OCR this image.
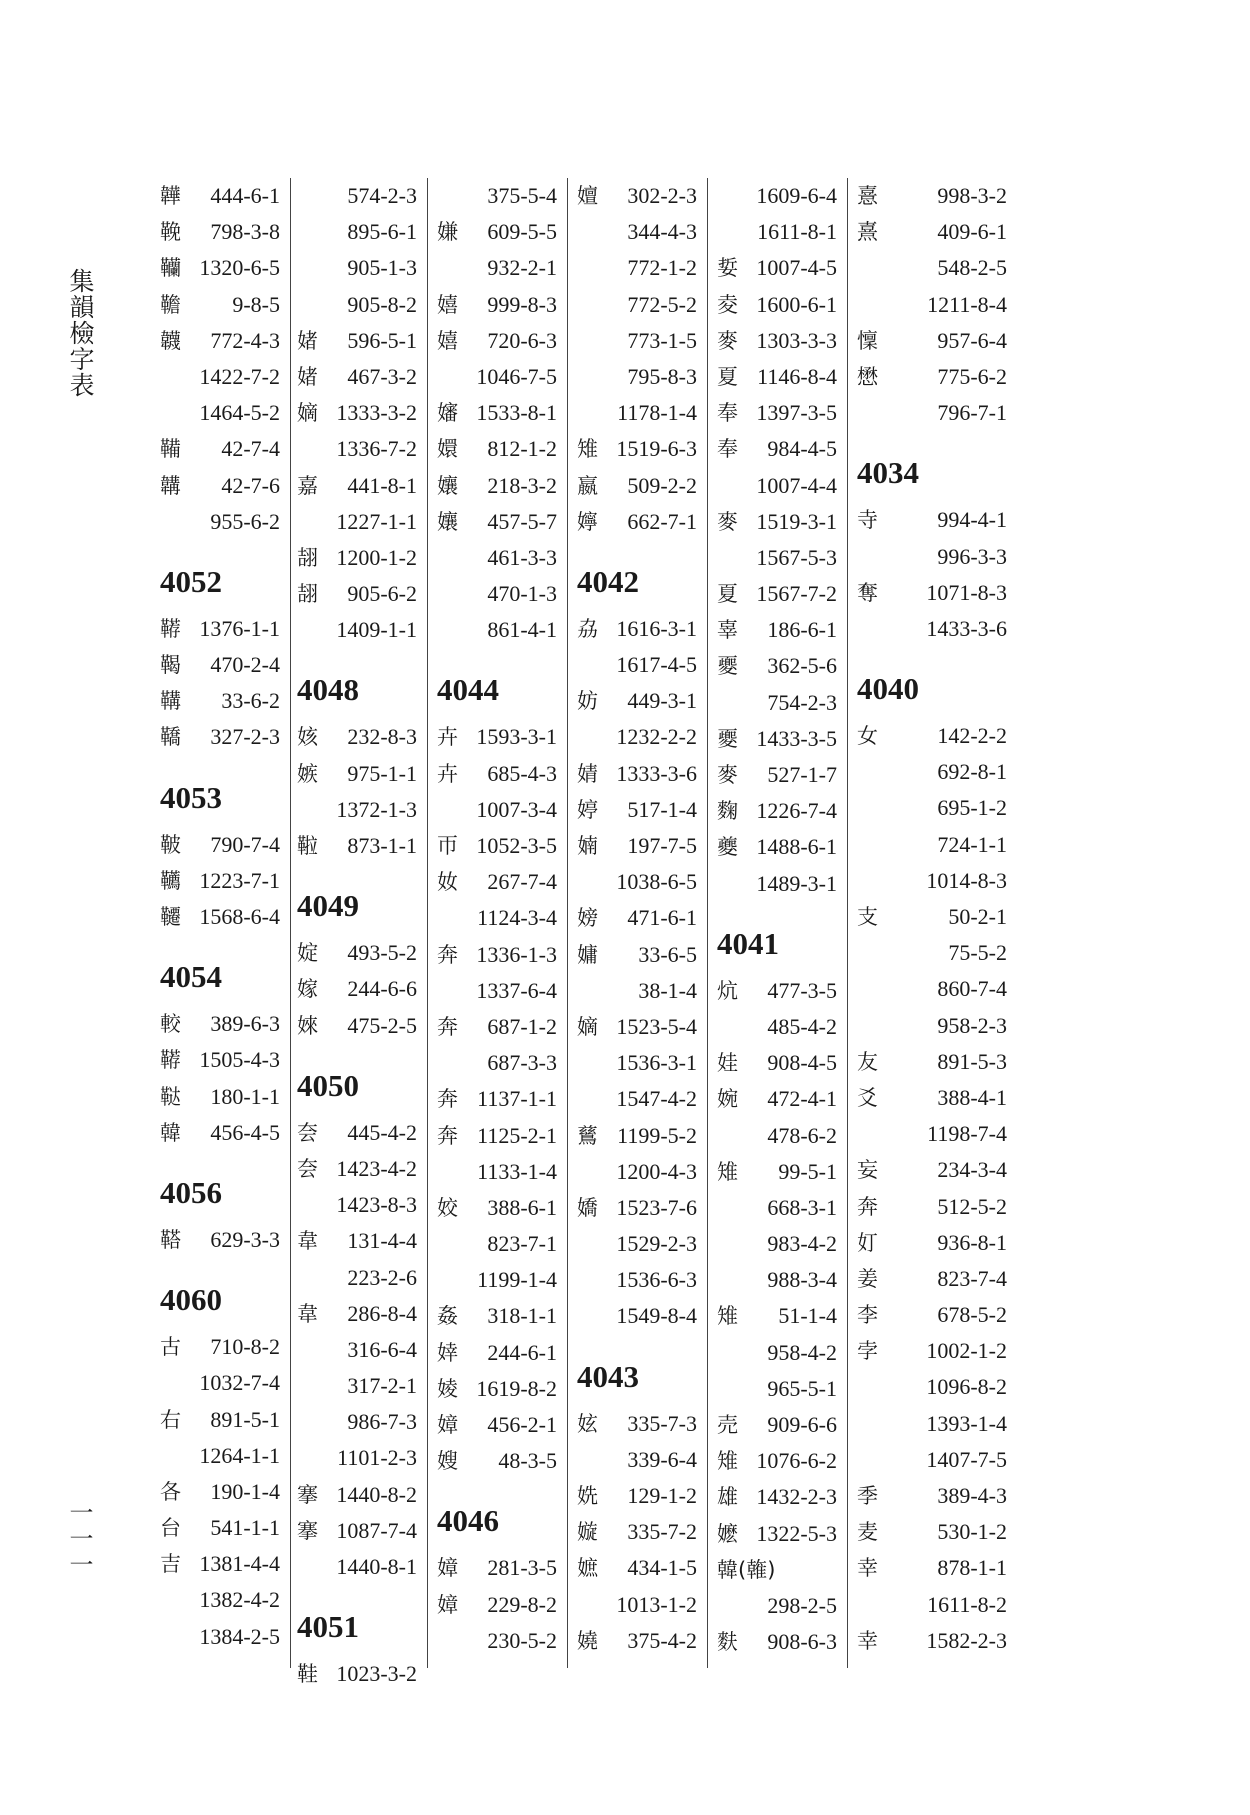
集韻檢字表
一一一
韡 444-6-1
鞔 798-3-8
韊 1320-6-5
韂 9-8-5
韤 772-4-3
1422-7-2
1464-5-2
鞴 42-7-4
韝 42-7-6
955-6-2
4052
鞯 1376-1-1
鞨 470-2-4
鞲 33-6-2
鞽 327-2-3
4053
鞁 790-7-4
韉 1223-7-1
韆 1568-6-4
4054
較 389-6-3
鞯 1505-4-3
鞑 180-1-1
韓 456-4-5
4056
鞳 629-3-3
4060
古 710-8-2
1032-7-4
右 891-5-1
1264-1-1
各 190-1-4
台 541-1-1
吉 1381-4-4
1382-4-2
1384-2-5
574-2-3
895-6-1
905-1-3
905-8-2
媎 596-5-1
媎 467-3-2
嫡 1333-3-2
1336-7-2
嘉 441-8-1
1227-1-1
翓 1200-1-2
翓 905-6-2
1409-1-1
4048
姟 232-8-3
嫉 975-1-1
1372-1-3
鞡 873-1-1
4049
婝 493-5-2
嫁 244-6-6
婡 475-2-5
4050
夽 445-4-2
夽 1423-4-2
1423-8-3
韋 131-4-4
223-2-6
韋 286-8-4
316-6-4
317-2-1
986-7-3
1101-2-3
搴 1440-8-2
搴 1087-7-4
1440-8-1
4051
鞋 1023-3-2
375-5-4
嫌 609-5-5
932-2-1
嬉 999-8-3
嬉 720-6-3
1046-7-5
嬸 1533-8-1
嬛 812-1-2
孃 218-3-2
孃 457-5-7
461-3-3
470-1-3
861-4-1
4044
卉 1593-3-1
卉 685-4-3
1007-3-4
帀 1052-3-5
奻 267-7-4
1124-3-4
奔 1336-1-3
1337-6-4
奔 687-1-2
687-3-3
奔 1137-1-1
奔 1125-2-1
1133-1-4
姣 388-6-1
823-7-1
1199-1-4
姦 318-1-1
婞 244-6-1
婈 1619-8-2
嫜 456-2-1
嫂 48-3-5
4046
嫜 281-3-5
嫜 229-8-2
230-5-2
嬗 302-2-3
344-4-3
772-1-2
772-5-2
773-1-5
795-8-3
1178-1-4
雉 1519-6-3
嬴 509-2-2
嬣 662-7-1
4042
劦 1616-3-1
1617-4-5
妨 449-3-1
1232-2-2
婧 1333-3-6
婷 517-1-4
婻 197-7-5
1038-6-5
嫎 471-6-1
嫞 33-6-5
38-1-4
嫡 1523-5-4
1536-3-1
1547-4-2
鶿 1199-5-2
1200-4-3
嬌 1523-7-6
1529-2-3
1536-6-3
1549-8-4
4043
妶 335-7-3
339-6-4
姺 129-1-2
嫙 335-7-2
嫬 434-1-5
1013-1-2
嬈 375-4-2
1609-6-4
1611-8-1
娎 1007-4-5
夌 1600-6-1
麥 1303-3-3
夏 1146-8-4
奉 1397-3-5
奉 984-4-5
1007-4-4
麥 1519-3-1
1567-5-3
夏 1567-7-2
辜 186-6-1
夒 362-5-6
754-2-3
夒 1433-3-5
麥 527-1-7
麴 1226-7-4
夔 1488-6-1
1489-3-1
4041
炕 477-3-5
485-4-2
娃 908-4-5
婉 472-4-1
478-6-2
雉 99-5-1
668-3-1
983-4-2
988-3-4
雉 51-1-4
958-4-2
965-5-1
売 909-6-6
雉 1076-6-2
雄 1432-2-3
嬷 1322-5-3
韓(雗)
298-2-5
麩 908-6-3
憙	998-3-2
熹	409-6-1
548-2-5
1211-8-4
懍	957-6-4
懋	775-6-2
796-7-1
4034
寺	994-4-1
996-3-3
奪 1071-8-3
1433-3-6
4040
女	142-2-2
692-8-1
695-1-2
724-1-1
1014-8-3
支	50-2-1
75-5-2
860-7-4
958-2-3
友	891-5-3
爻	388-4-1
1198-7-4
妄	234-3-4
奔	512-5-2
奵	936-8-1
姜	823-7-4
李	678-5-2
孛 1002-1-2
1096-8-2
1393-1-4
1407-7-5
季	389-4-3
麦	530-1-2
幸	878-1-1
1611-8-2
幸 1582-2-3
